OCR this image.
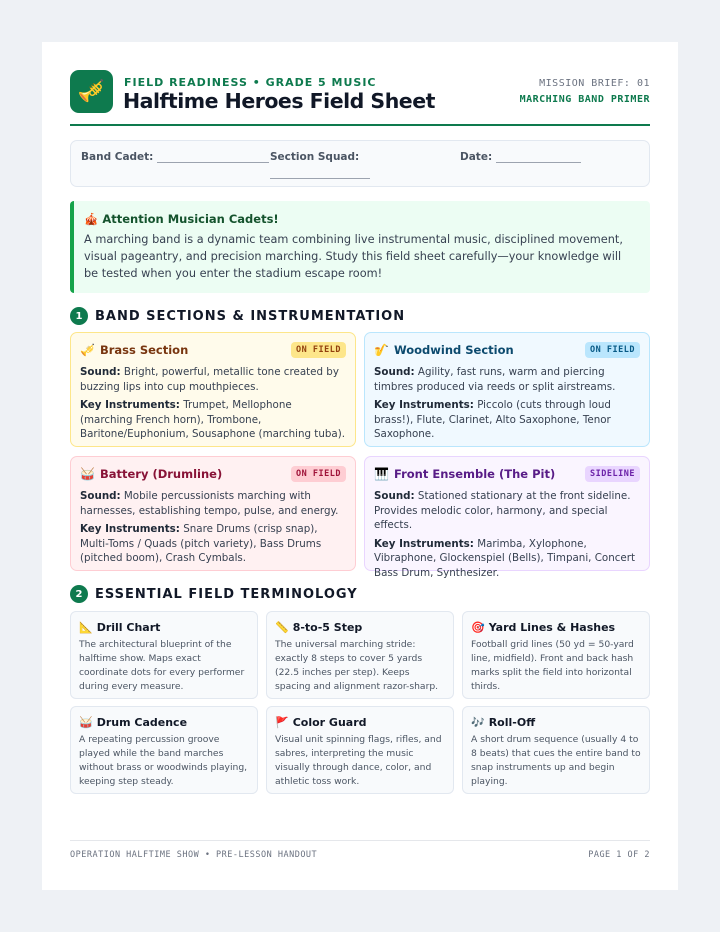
🎺	FIELD READINESS • GRADE 5 MUSIC
Halftime Heroes Field Sheet
MISSION BRIEF: 01
MARCHING BAND PRIMER
Band Cadet:	Section Squad:	Date:
🎪 Attention Musician Cadets!
A marching band is a dynamic team combining live instrumental music, disciplined movement, visual pageantry, and precision marching. Study this field sheet carefully—your knowledge will be tested when you enter the stadium escape room!
1 BAND SECTIONS & INSTRUMENTATION
🎺 Brass Section	ON FIELD

Sound: Bright, powerful, metallic tone created by buzzing lips into cup mouthpieces.

Key Instruments: Trumpet, Mellophone (marching French horn), Trombone, Baritone/Euphonium, Sousaphone (marching tuba).

🎷 Woodwind Section	ON FIELD

Sound: Agility, fast runs, warm and piercing timbres produced via reeds or split airstreams.

Key Instruments: Piccolo (cuts through loud brass!), Flute, Clarinet, Alto Saxophone, Tenor Saxophone.

🥁 Battery (Drumline)	ON FIELD

Sound: Mobile percussionists marching with harnesses, establishing tempo, pulse, and energy.

Key Instruments: Snare Drums (crisp snap), Multi-Toms / Quads (pitch variety), Bass Drums (pitched boom), Crash Cymbals.

🎹 Front Ensemble (The Pit)	SIDELINE

Sound: Stationed stationary at the front sideline. Provides melodic color, harmony, and special effects.

Key Instruments: Marimba, Xylophone, Vibraphone, Glockenspiel (Bells), Timpani, Concert Bass Drum, Synthesizer.

2 ESSENTIAL FIELD TERMINOLOGY
📐 Drill Chart
The architectural blueprint of the halftime show. Maps exact coordinate dots for every performer during every measure.
📏 8-to-5 Step
The universal marching stride: exactly 8 steps to cover 5 yards (22.5 inches per step). Keeps spacing and alignment razor-sharp.
🎯 Yard Lines & Hashes
Football grid lines (50 yd = 50-yard line, midfield). Front and back hash marks split the field into horizontal thirds.
🥁 Drum Cadence
A repeating percussion groove played while the band marches without brass or woodwinds playing, keeping step steady.
🚩 Color Guard
Visual unit spinning flags, rifles, and sabres, interpreting the music visually through dance, color, and athletic toss work.
🎶 Roll-Off
A short drum sequence (usually 4 to 8 beats) that cues the entire band to snap instruments up and begin playing.
OPERATION HALFTIME SHOW • PRE-LESSON HANDOUT	PAGE 1 OF 2
